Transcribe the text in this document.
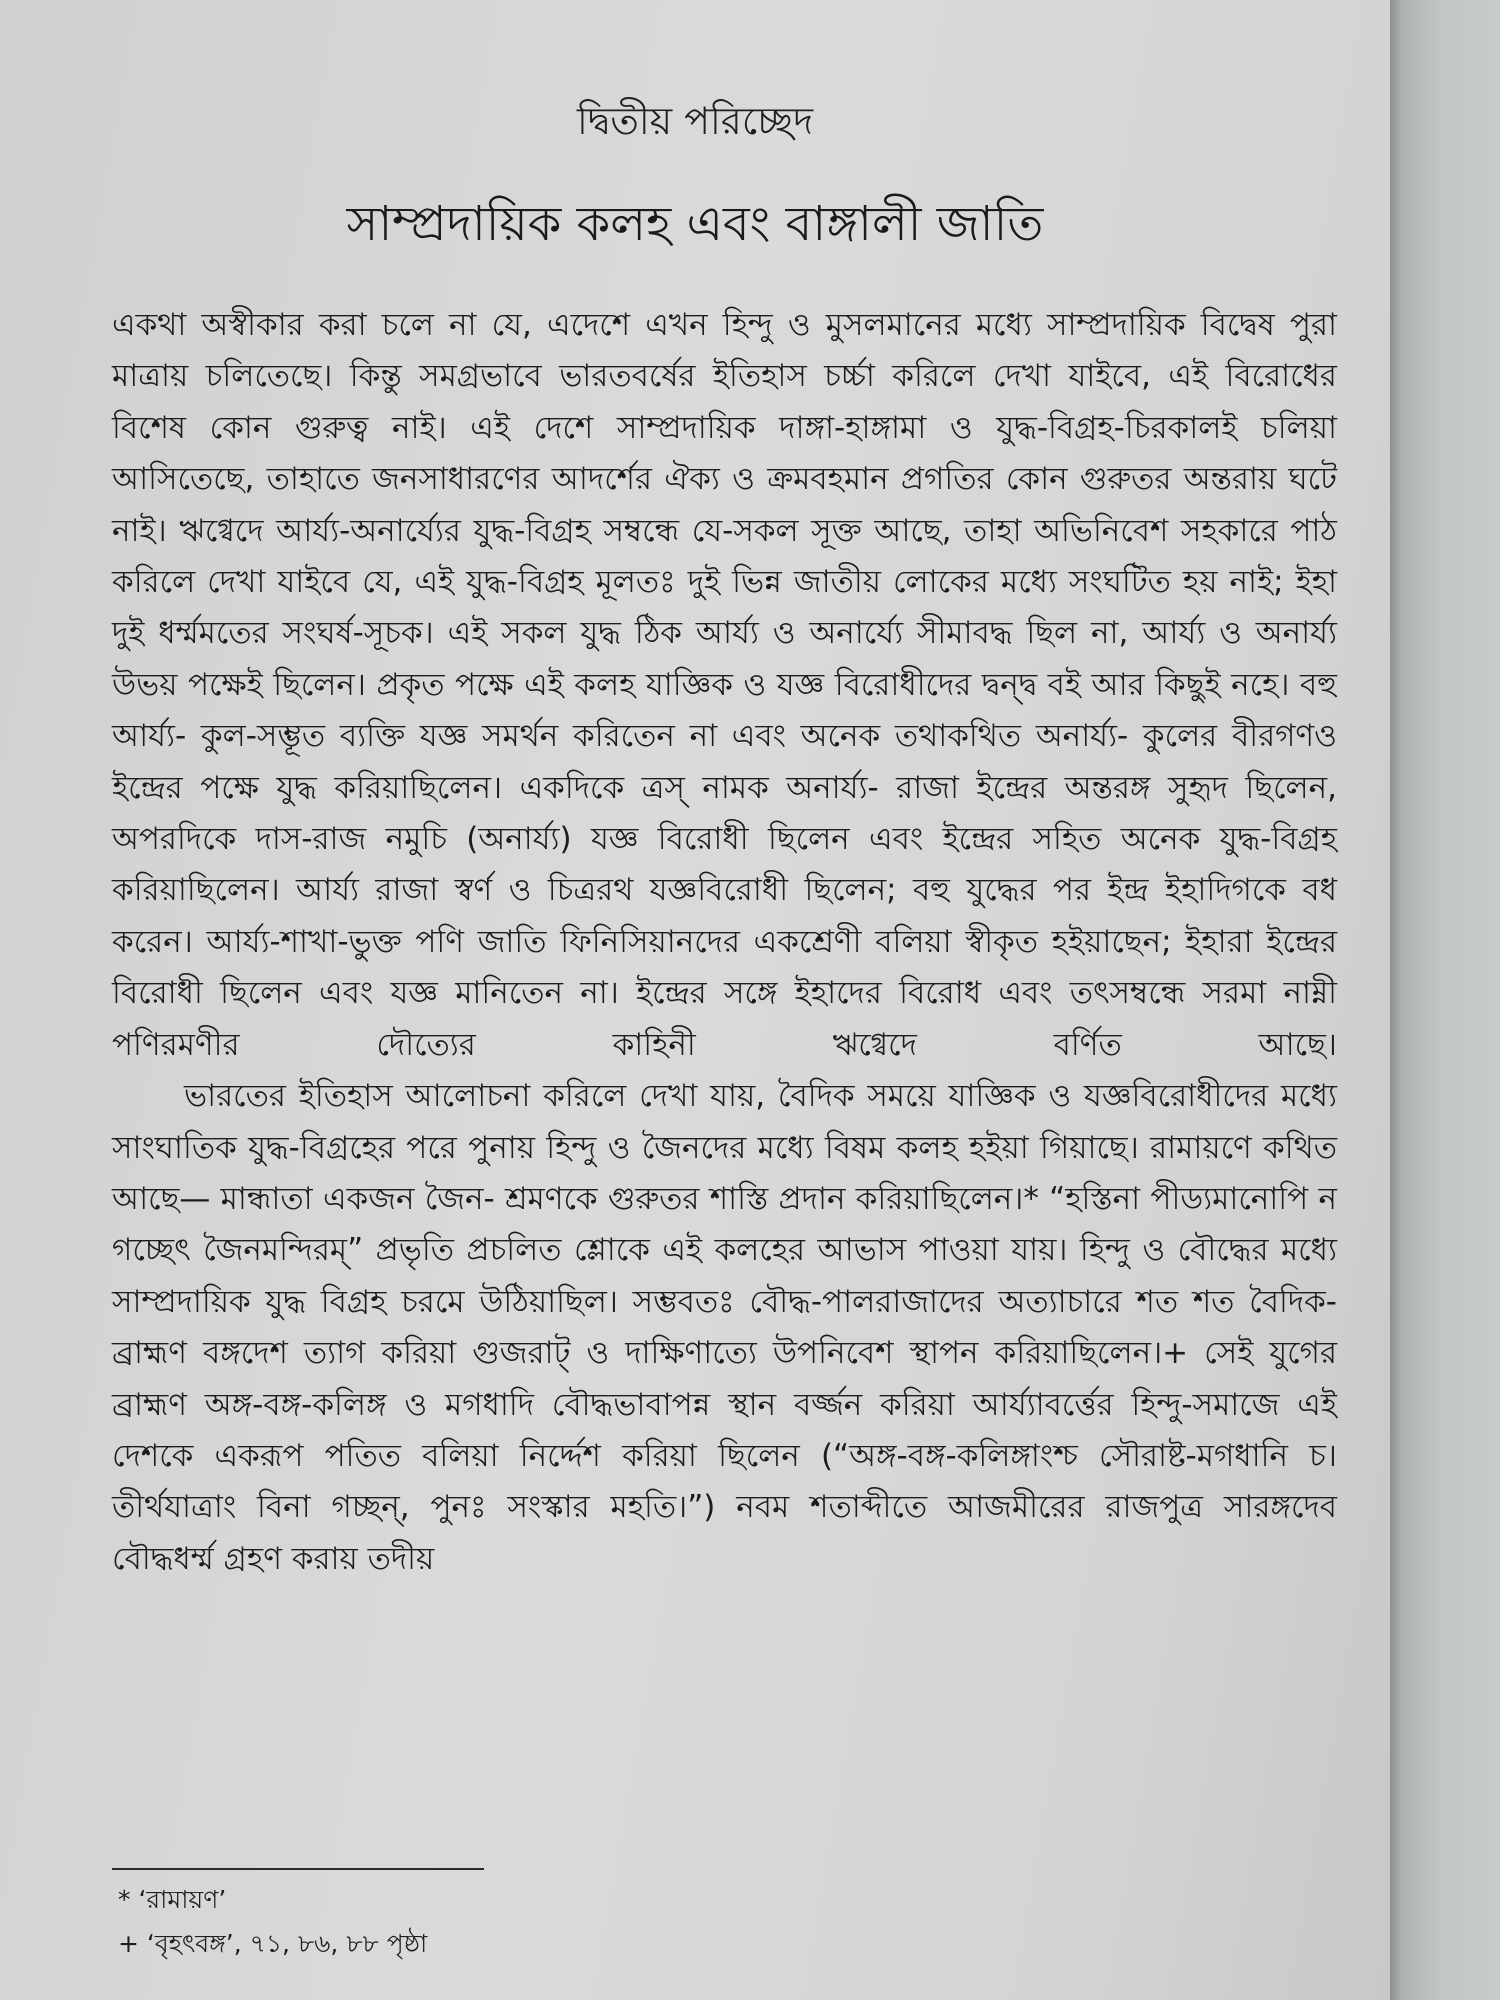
দ্বিতীয় পরিচ্ছেদ
সাম্প্রদায়িক কলহ এবং বাঙ্গালী জাতি

একথা অস্বীকার করা চলে না যে, এদেশে এখন হিন্দু ও মুসলমানের মধ্যে সাম্প্রদায়িক বিদ্বেষ পুরা মাত্রায় চলিতেছে। কিন্তু সমগ্রভাবে ভারতবর্ষের ইতিহাস চর্চ্চা করিলে দেখা যাইবে, এই বিরোধের বিশেষ কোন গুরুত্ব নাই। এই দেশে সাম্প্রদায়িক দাঙ্গা-হাঙ্গামা ও যুদ্ধ-বিগ্রহ-চিরকালই চলিয়া আসিতেছে, তাহাতে জনসাধারণের আদর্শের ঐক্য ও ক্রমবহমান প্রগতির কোন গুরুতর অন্তরায় ঘটে নাই। ঋগ্বেদে আর্য্য-অনার্য্যের যুদ্ধ-বিগ্রহ সম্বন্ধে যে-সকল সূক্ত আছে, তাহা অভিনিবেশ সহকারে পাঠ করিলে দেখা যাইবে যে, এই যুদ্ধ-বিগ্রহ মূলতঃ দুই ভিন্ন জাতীয় লোকের মধ্যে সংঘটিত হয় নাই; ইহা দুই ধর্ম্মমতের সংঘর্ষ-সূচক। এই সকল যুদ্ধ ঠিক আর্য্য ও অনার্য্যে সীমাবদ্ধ ছিল না, আর্য্য ও অনার্য্য উভয় পক্ষেই ছিলেন। প্রকৃত পক্ষে এই কলহ যাজ্ঞিক ও যজ্ঞ বিরোধীদের দ্বন্দ্ব বই আর কিছুই নহে। বহু আর্য্য- কুল-সম্ভূত ব্যক্তি যজ্ঞ সমর্থন করিতেন না এবং অনেক তথাকথিত অনার্য্য- কুলের বীরগণও ইন্দ্রের পক্ষে যুদ্ধ করিয়াছিলেন। একদিকে ত্রস্ নামক অনার্য্য- রাজা ইন্দ্রের অন্তরঙ্গ সুহৃদ ছিলেন, অপরদিকে দাস-রাজ নমুচি (অনার্য্য) যজ্ঞ বিরোধী ছিলেন এবং ইন্দ্রের সহিত অনেক যুদ্ধ-বিগ্রহ করিয়াছিলেন। আর্য্য রাজা স্বর্ণ ও চিত্ররথ যজ্ঞবিরোধী ছিলেন; বহু যুদ্ধের পর ইন্দ্র ইহাদিগকে বধ করেন। আর্য্য-শাখা-ভুক্ত পণি জাতি ফিনিসিয়ানদের একশ্রেণী বলিয়া স্বীকৃত হইয়াছেন; ইহারা ইন্দ্রের বিরোধী ছিলেন এবং যজ্ঞ মানিতেন না। ইন্দ্রের সঙ্গে ইহাদের বিরোধ এবং তৎসম্বন্ধে সরমা নাম্নী পণিরমণীর দৌত্যের কাহিনী ঋগ্বেদে বর্ণিত আছে।

ভারতের ইতিহাস আলোচনা করিলে দেখা যায়, বৈদিক সময়ে যাজ্ঞিক ও যজ্ঞবিরোধীদের মধ্যে সাংঘাতিক যুদ্ধ-বিগ্রহের পরে পুনায় হিন্দু ও জৈনদের মধ্যে বিষম কলহ হইয়া গিয়াছে। রামায়ণে কথিত আছে— মান্ধাতা একজন জৈন- শ্রমণকে গুরুতর শাস্তি প্রদান করিয়াছিলেন।* “হস্তিনা পীড্যমানোপি ন গচ্ছেৎ জৈনমন্দিরম্” প্রভৃতি প্রচলিত শ্লোকে এই কলহের আভাস পাওয়া যায়। হিন্দু ও বৌদ্ধের মধ্যে সাম্প্রদায়িক যুদ্ধ বিগ্রহ চরমে উঠিয়াছিল। সম্ভবতঃ বৌদ্ধ-পালরাজাদের অত্যাচারে শত শত বৈদিক-ব্রাহ্মণ বঙ্গদেশ ত্যাগ করিয়া গুজরাট্ ও দাক্ষিণাত্যে উপনিবেশ স্থাপন করিয়াছিলেন।+ সেই যুগের ব্রাহ্মণ অঙ্গ-বঙ্গ-কলিঙ্গ ও মগধাদি বৌদ্ধভাবাপন্ন স্থান বর্জ্জন করিয়া আর্য্যাবর্ত্তের হিন্দু-সমাজে এই দেশকে একরূপ পতিত বলিয়া নির্দ্দেশ করিয়া ছিলেন (“অঙ্গ-বঙ্গ-কলিঙ্গাংশ্চ সৌরাষ্ট-মগধানি চ। তীর্থযাত্রাং বিনা গচ্ছন্, পুনঃ সংস্কার মহতি।”) নবম শতাব্দীতে আজমীরের রাজপুত্র সারঙ্গদেব বৌদ্ধধর্ম্ম গ্রহণ করায় তদীয়

* ‘রামায়ণ’
+ ‘বৃহৎবঙ্গ’, ৭১, ৮৬, ৮৮ পৃষ্ঠা
